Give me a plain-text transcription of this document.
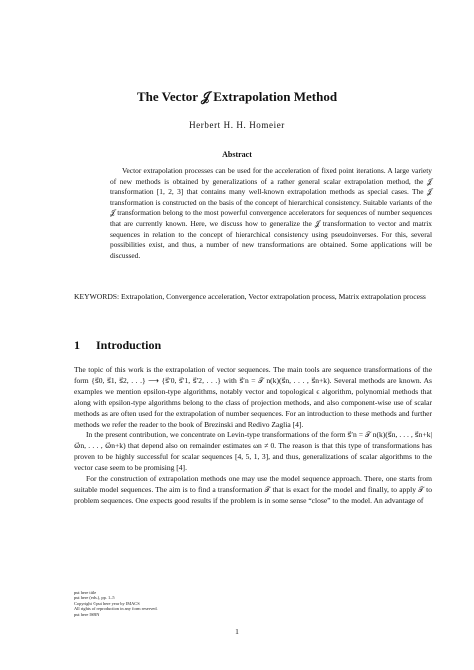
The Vector 𝒥 Extrapolation Method
Herbert H. H. Homeier
Abstract

Vector extrapolation processes can be used for the acceleration of fixed point iterations. A large variety of new methods is obtained by generalizations of a rather general scalar extrapolation method, the 𝒥 transformation [1, 2, 3] that contains many well-known extrapolation methods as special cases. The 𝒥 transformation is constructed on the basis of the concept of hierarchical consistency. Suitable variants of the 𝒥 transformation belong to the most powerful convergence accelerators for sequences of number sequences that are currently known. Here, we discuss how to generalize the 𝒥 transformation to vector and matrix sequences in relation to the concept of hierarchical consistency using pseudoinverses. For this, several possibilities exist, and thus, a number of new transformations are obtained. Some applications will be discussed.

KEYWORDS: Extrapolation, Convergence acceleration, Vector extrapolation process, Matrix extrapolation process

1 Introduction

The topic of this work is the extrapolation of vector sequences. The main tools are sequence transformations of the form {s⃗0, s⃗1, s⃗2, . . .} ⟶ {s⃗′0, s⃗′1, s⃗′2, . . .} with s⃗′n = 𝒯 n(k)(s⃗n, . . . , s⃗n+k). Several methods are known. As examples we mention epsilon-type algorithms, notably vector and topological ϵ algorithm, polynomial methods that along with epsilon-type algorithms belong to the class of projection methods, and also component-wise use of scalar methods as are often used for the extrapolation of number sequences. For an introduction to these methods and further methods we refer the reader to the book of Brezinski and Redivo Zaglia [4].

In the present contribution, we concentrate on Levin-type transformations of the form s⃗′n = 𝒯 n(k)(s⃗n, . . . , s⃗n+k|ω⃗n, . . . , ω⃗n+k) that depend also on remainder estimates ωn ≠ 0. The reason is that this type of transformations has proven to be highly successful for scalar sequences [4, 5, 1, 3], and thus, generalizations of scalar algorithms to the vector case seem to be promising [4].

For the construction of extrapolation methods one may use the model sequence approach. There, one starts from suitable model sequences. The aim is to find a transformation 𝒯 that is exact for the model and finally, to apply 𝒯 to problem sequences. One expects good results if the problem is in some sense “close” to the model. An advantage of

put here title
put here (eds.), pp. 1–5
Copyright ©put here year by IMACS
All rights of reproduction in any form reserved.
put here ISBN
1
